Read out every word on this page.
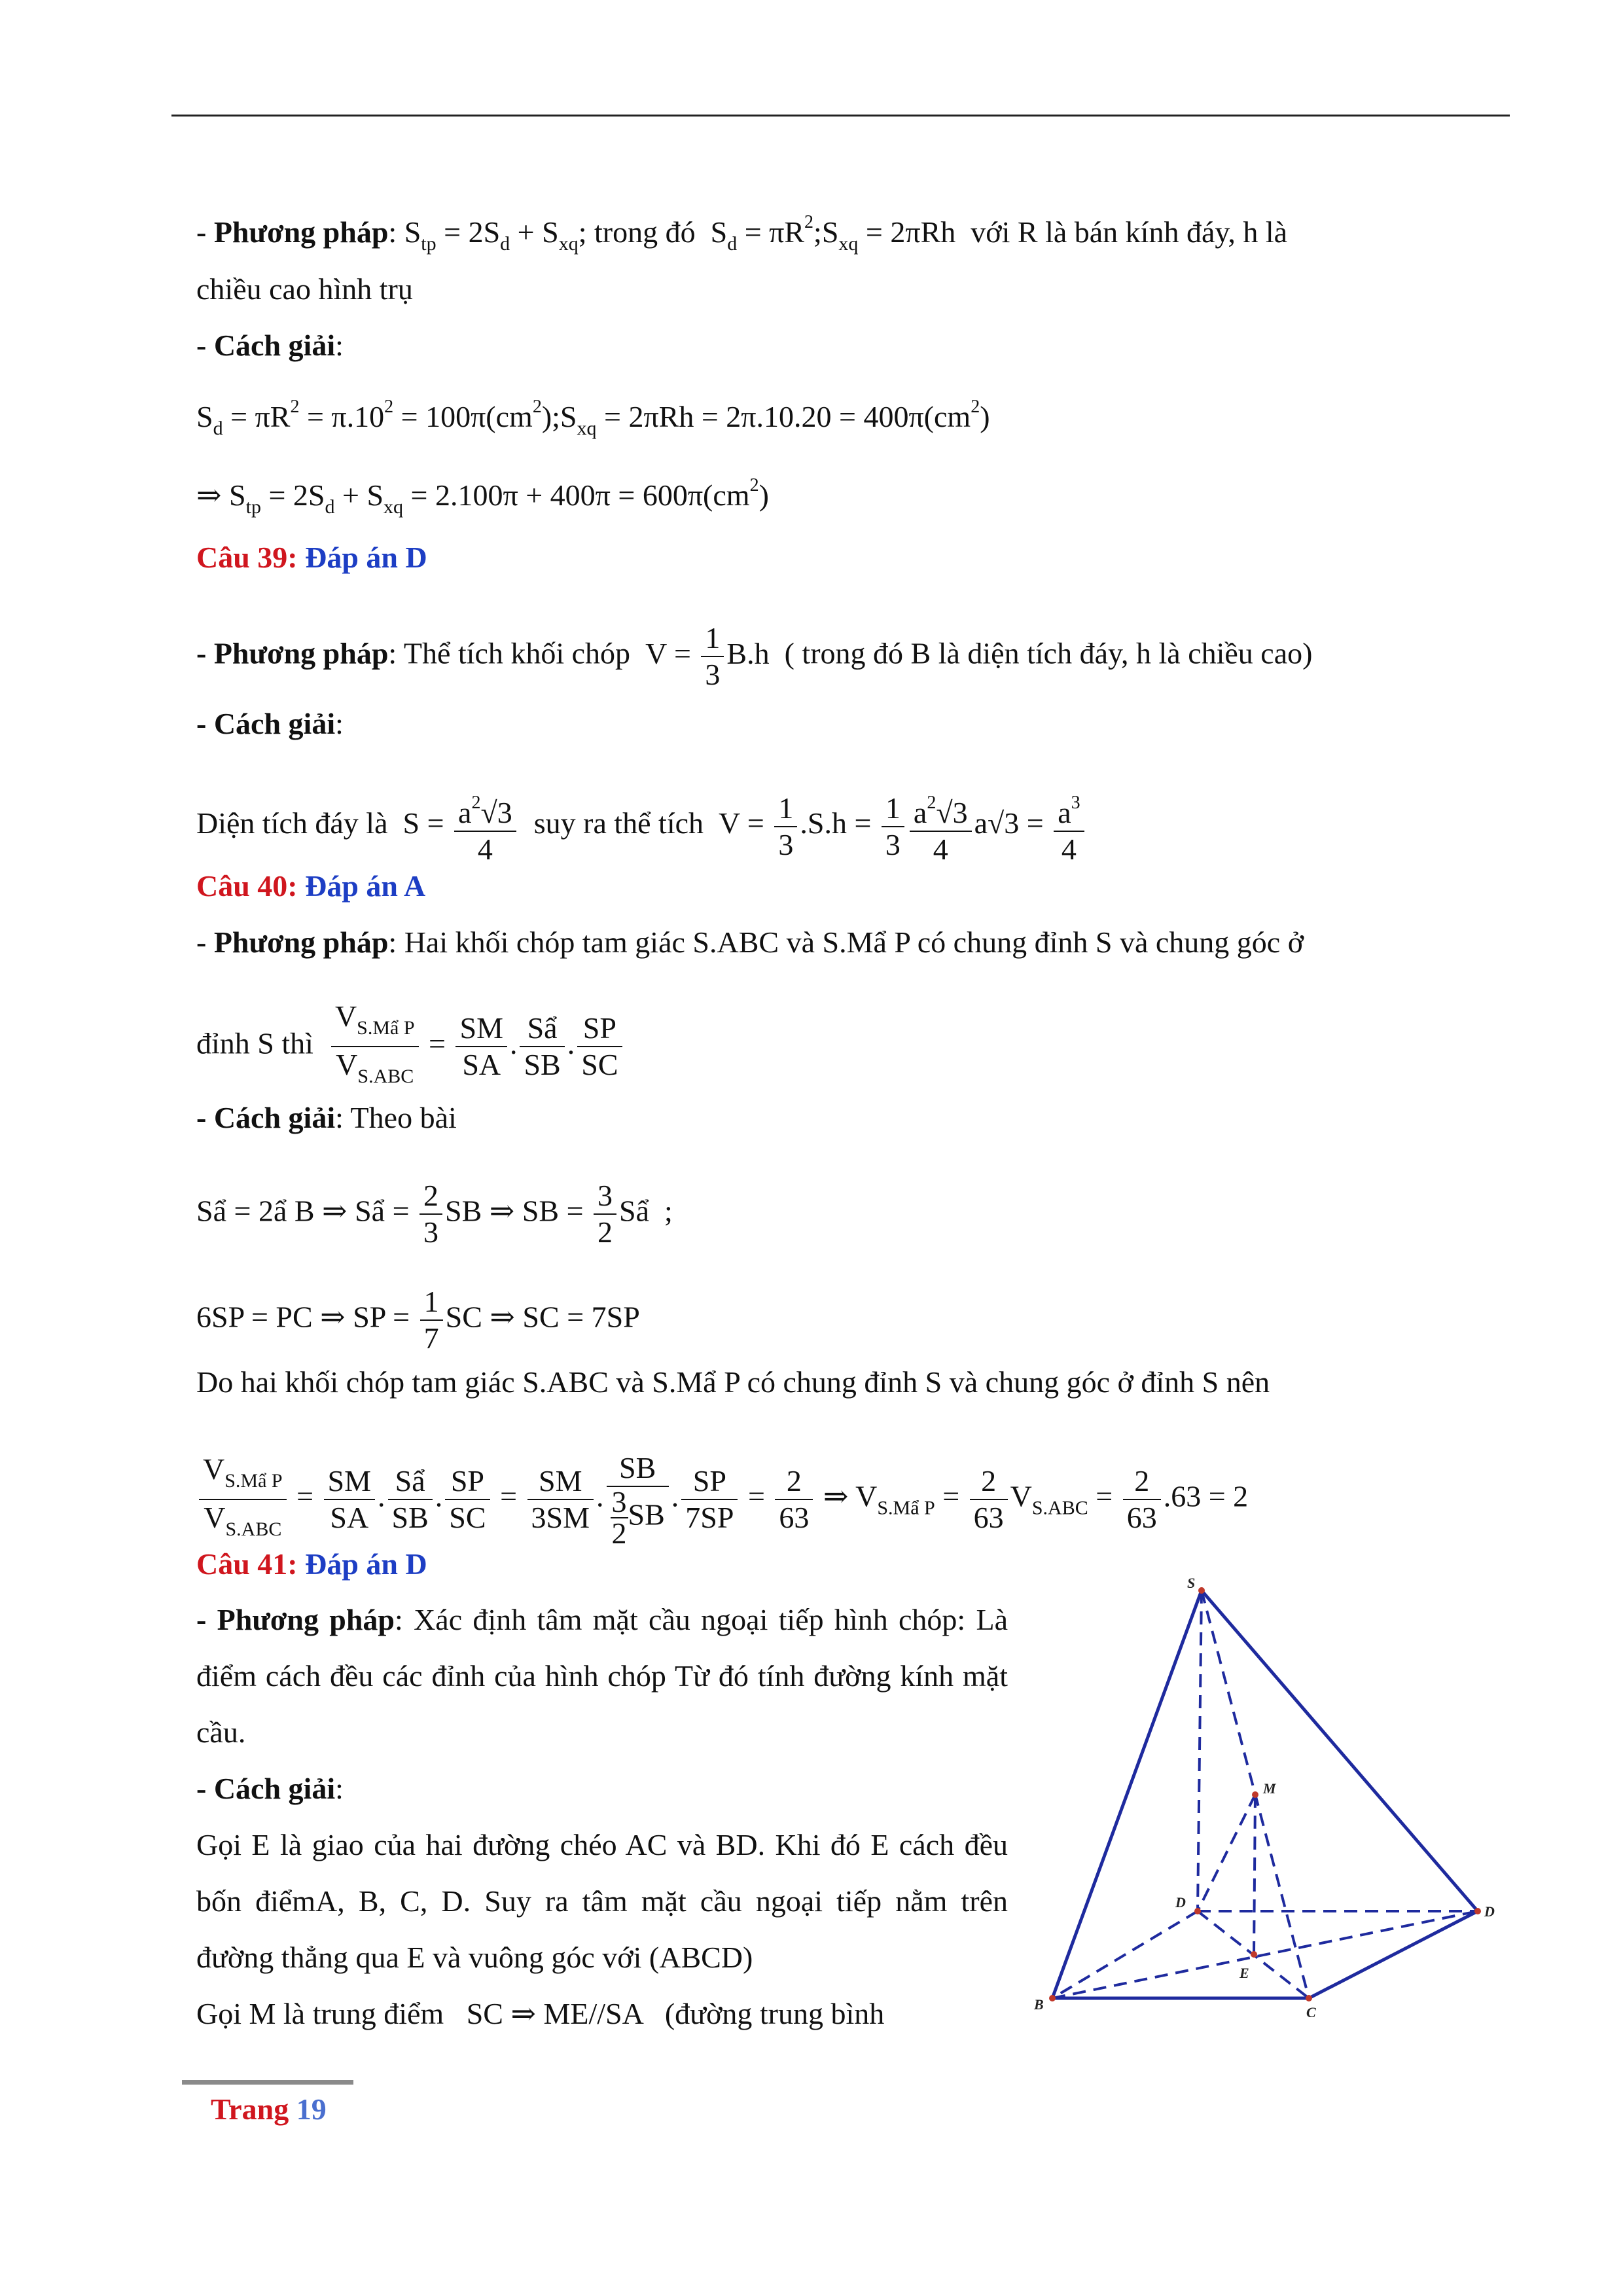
- Phương pháp: $S_{tp} = 2S_d + S_{xq}$; trong đó  $S_d$ = $\pi R^2;S_{xq} = 2\pi Rh$ với R là bán kính đáy, h là
chiều cao hình trụ
- Cách giải:
$S_d = \pi R^2 = \pi.10^2$ = $100\pi(cm^2);S_{xq} = 2\pi Rh = 2\pi.10.20 = 400\pi(cm^2)$
⇒ $S_{tp} = 2S_d + S_{xq} = 2.100\pi + 400\pi = 600\pi(cm^2)$
Câu 39: Đáp án D
- Phương pháp: Thể tích khối chóp  $V = \frac{1}{3} B.h$ ( trong đó B là diện tích đáy, h là chiều cao)
- Cách giải:
Diện tích đáy là  $S = \frac{a^2√3}{4}$ suy ra thể tích  $V = \frac{1}{3} .S.h = \frac{1}{3} \frac{a^2√3}{4} a√3 = \frac{a^3}{4}$
Câu 40: Đáp án A
- Phương pháp: Hai khối chóp tam giác S.ABC và S.Mẩ P có chung đỉnh S và chung góc ở
đỉnh S thì $\frac{V_{S.Mẩ P}}{V_{S.ABC}} = \frac{SM}{SA}$ . $\frac{\text{Sẩ}}{SB}$ . $\frac{SP}{SC}$
- Cách giải: Theo bài
Sẩ = 2ẩ B ⇒ Sẩ = $\frac{2}{3}$ SB ⇒ SB = $\frac{3}{2}$ Sẩ  ;
6SP = PC ⇒ SP = $\frac{1}{7}$ SC ⇒ SC = 7SP
Do hai khối chóp tam giác S.ABC và S.Mẩ P có chung đỉnh S và chung góc ở đỉnh S nên
$\frac{V_{S.Mẩ P}}{V_{S.ABC}} = \frac{SM}{SA}$ . $\frac{\text{Sẩ}}{SB}$ . $\frac{SP}{SC} = \frac{SM}{3SM}$ . $\frac{SB}{\frac{3}{2} SB}$ . $\frac{SP}{7SP} = \frac{2}{63}$ ⇒ $V_{S.Mẩ P} = \frac{2}{63} V_{S.ABC} = \frac{2}{63} .63 = 2$
Câu 41: Đáp án D
- Phương pháp: Xác định tâm mặt cầu ngoại tiếp hình chóp: Là điểm cách đều các đỉnh của hình chóp Từ đó tính đường kính mặt cầu.
- Cách giải:
Gọi E là giao của hai đường chéo AC và BD. Khi đó E cách đều bốn điểmA, B, C, D. Suy ra tâm mặt cầu ngoại tiếp nằm trên đường thẳng qua E và vuông góc với (ABCD)
Gọi M là trung điểm   SC ⇒ ME//SA   (đường trung bình
S
M
D
D
E
B	C
Trang 19
